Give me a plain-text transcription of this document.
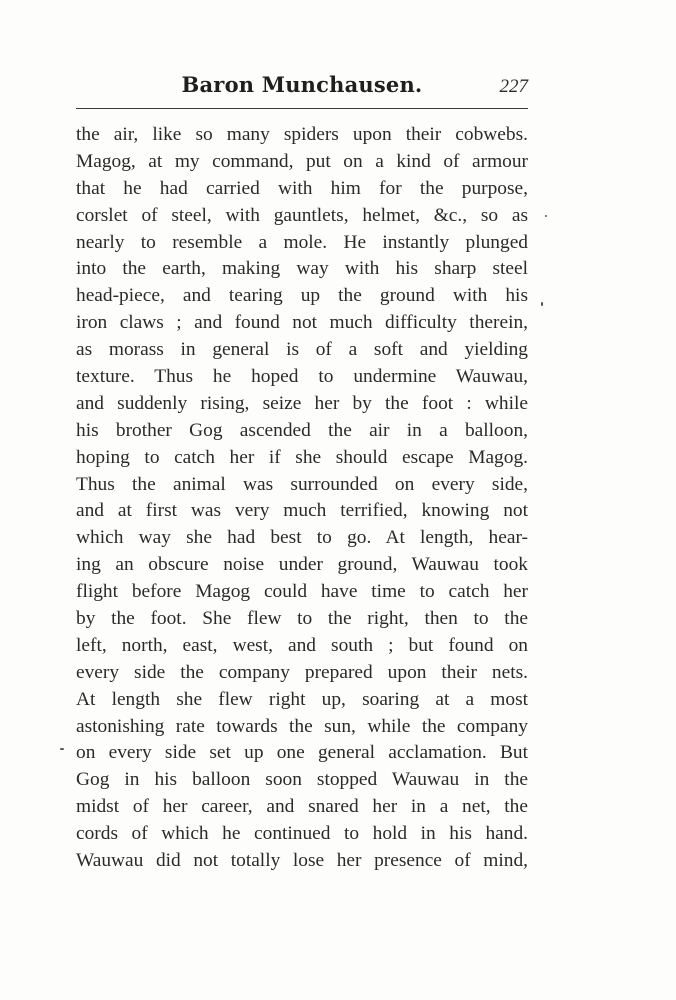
Baron Munchausen.	227
the air, like so many spiders upon their cobwebs.
Magog, at my command, put on a kind of armour
that he had carried with him for the purpose,
corslet of steel, with gauntlets, helmet, &c., so as
nearly to resemble a mole. He instantly plunged
into the earth, making way with his sharp steel
head-piece, and tearing up the ground with his
iron claws ; and found not much difficulty therein,
as morass in general is of a soft and yielding
texture. Thus he hoped to undermine Wauwau,
and suddenly rising, seize her by the foot : while
his brother Gog ascended the air in a balloon,
hoping to catch her if she should escape Magog.
Thus the animal was surrounded on every side,
and at first was very much terrified, knowing not
which way she had best to go. At length, hear-
ing an obscure noise under ground, Wauwau took
flight before Magog could have time to catch her
by the foot. She flew to the right, then to the
left, north, east, west, and south ; but found on
every side the company prepared upon their nets.
At length she flew right up, soaring at a most
astonishing rate towards the sun, while the company
on every side set up one general acclamation. But
Gog in his balloon soon stopped Wauwau in the
midst of her career, and snared her in a net, the
cords of which he continued to hold in his hand.
Wauwau did not totally lose her presence of mind,
